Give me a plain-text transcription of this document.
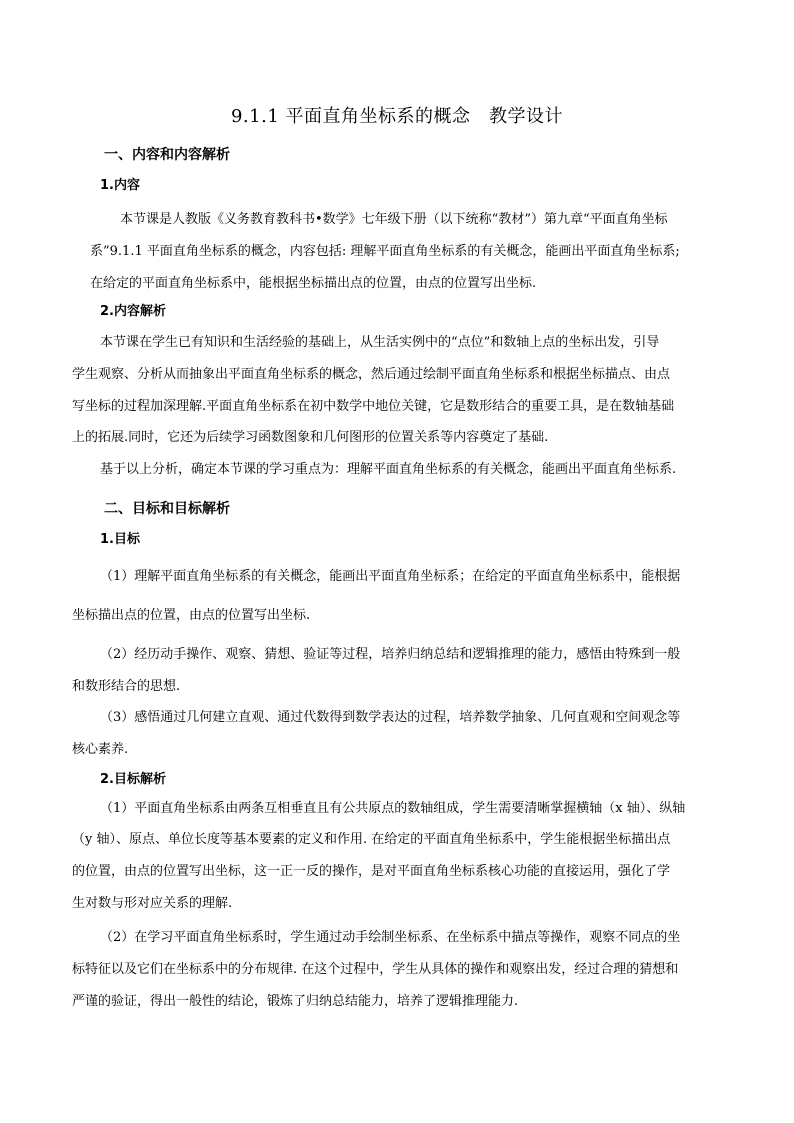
9.1.1 平面直角坐标系的概念　教学设计
一、内容和内容解析
1.内容
本节课是人教版《义务教育教科书•数学》七年级下册（以下统称“教材”）第九章“平面直角坐标
系”9.1.1 平面直角坐标系的概念，内容包括: 理解平面直角坐标系的有关概念，能画出平面直角坐标系;
在给定的平面直角坐标系中，能根据坐标描出点的位置，由点的位置写出坐标.
2.内容解析
本节课在学生已有知识和生活经验的基础上，从生活实例中的“点位”和数轴上点的坐标出发，引导
学生观察、分析从而抽象出平面直角坐标系的概念，然后通过绘制平面直角坐标系和根据坐标描点、由点
写坐标的过程加深理解.平面直角坐标系在初中数学中地位关键，它是数形结合的重要工具，是在数轴基础
上的拓展.同时，它还为后续学习函数图象和几何图形的位置关系等内容奠定了基础.
基于以上分析，确定本节课的学习重点为：理解平面直角坐标系的有关概念，能画出平面直角坐标系.
二、目标和目标解析
1.目标
（1）理解平面直角坐标系的有关概念，能画出平面直角坐标系；在给定的平面直角坐标系中，能根据
坐标描出点的位置，由点的位置写出坐标.
（2）经历动手操作、观察、猜想、验证等过程，培养归纳总结和逻辑推理的能力，感悟由特殊到一般
和数形结合的思想.
（3）感悟通过几何建立直观、通过代数得到数学表达的过程，培养数学抽象、几何直观和空间观念等
核心素养.
2.目标解析
（1）平面直角坐标系由两条互相垂直且有公共原点的数轴组成，学生需要清晰掌握横轴（x 轴）、纵轴
（y 轴）、原点、单位长度等基本要素的定义和作用. 在给定的平面直角坐标系中，学生能根据坐标描出点
的位置，由点的位置写出坐标，这一正一反的操作，是对平面直角坐标系核心功能的直接运用，强化了学
生对数与形对应关系的理解.
（2）在学习平面直角坐标系时，学生通过动手绘制坐标系、在坐标系中描点等操作，观察不同点的坐
标特征以及它们在坐标系中的分布规律. 在这个过程中，学生从具体的操作和观察出发，经过合理的猜想和
严谨的验证，得出一般性的结论，锻炼了归纳总结能力，培养了逻辑推理能力.
